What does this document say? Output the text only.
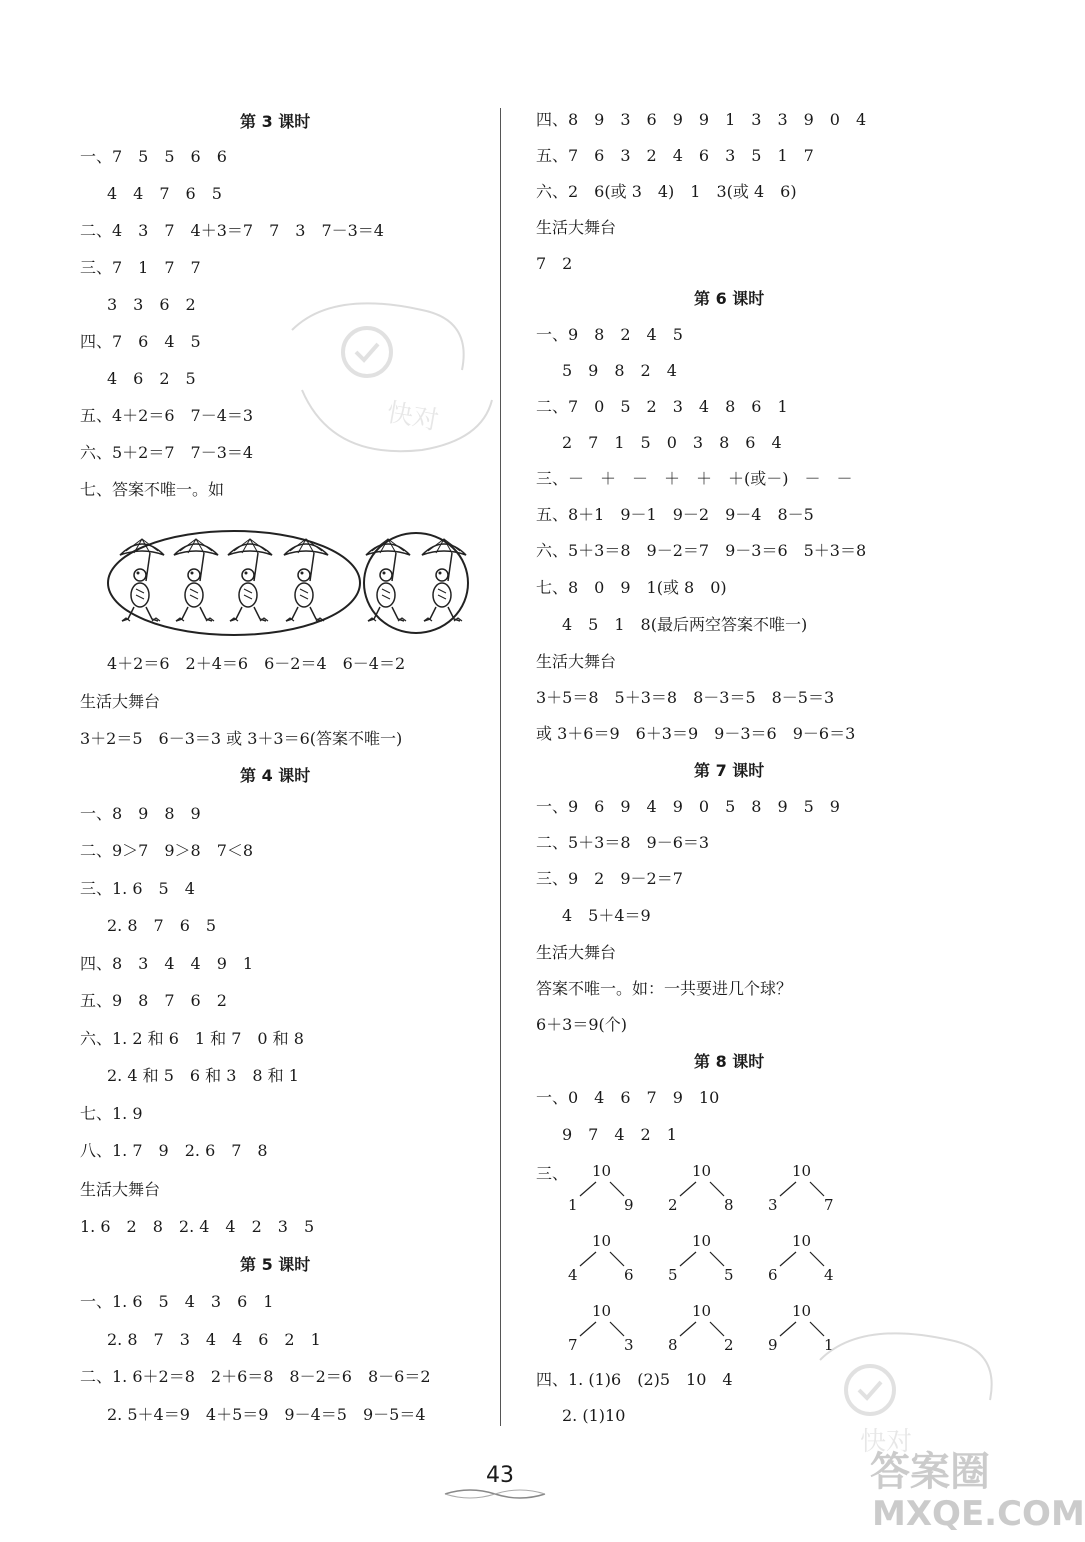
第 3 课时
一、7　5　5　6　6
4　4　7　6　5
二、4　3　7　4＋3＝7　7　3　7－3＝4
三、7　1　7　7
3　3　6　2
四、7　6　4　5
4　6　2　5
五、4＋2＝6　7－4＝3
六、5＋2＝7　7－3＝4
七、答案不唯一。如
4＋2＝6　2＋4＝6　6－2＝4　6－4＝2
生活大舞台
3＋2＝5　6－3＝3 或 3＋3＝6(答案不唯一)
第 4 课时
一、8　9　8　9
二、9＞7　9＞8　7＜8
三、1. 6　5　4
2. 8　7　6　5
四、8　3　4　4　9　1
五、9　8　7　6　2
六、1. 2 和 6　1 和 7　0 和 8
2. 4 和 5　6 和 3　8 和 1
七、1. 9
八、1. 7　9　2. 6　7　8
生活大舞台
1. 6　2　8　2. 4　4　2　3　5
第 5 课时
一、1. 6　5　4　3　6　1
2. 8　7　3　4　4　6　2　1
二、1. 6＋2＝8　2＋6＝8　8－2＝6　8－6＝2
2. 5＋4＝9　4＋5＝9　9－4＝5　9－5＝4
四、8　9　3　6　9　9　1　3　3　9　0　4
五、7　6　3　2　4　6　3　5　1　7
六、2　6(或 3　4)　1　3(或 4　6)
生活大舞台
7　2
第 6 课时
一、9　8　2　4　5
5　9　8　2　4
二、7　0　5　2　3　4　8　6　1
2　7　1　5　0　3　8　6　4
三、－　＋　－　＋　＋　＋(或－)　－　－
五、8＋1　9－1　9－2　9－4　8－5
六、5＋3＝8　9－2＝7　9－3＝6　5＋3＝8
七、8　0　9　1(或 8　0)
4　5　1　8(最后两空答案不唯一)
生活大舞台
3＋5＝8　5＋3＝8　8－3＝5　8－5＝3
或 3＋6＝9　6＋3＝9　9－3＝6　9－6＝3
第 7 课时
一、9　6　9　4　9　0　5　8　9　5　9
二、5＋3＝8　9－6＝3
三、9　2　9－2＝7
4　5＋4＝9
生活大舞台
答案不唯一。如：一共要进几个球？
6＋3＝9(个)
第 8 课时
一、0　4　6　7　9　10
9　7　4　2　1
四、1. (1)6　(2)5　10　4
2. (1)10
三、 10
1	9
10
2	8
10
3	7
10
4	6
10
5	5
10
6	4
10
7	3
10
8	2
10
9	1
43
快对
快对
答案圈
MXQE.COM
